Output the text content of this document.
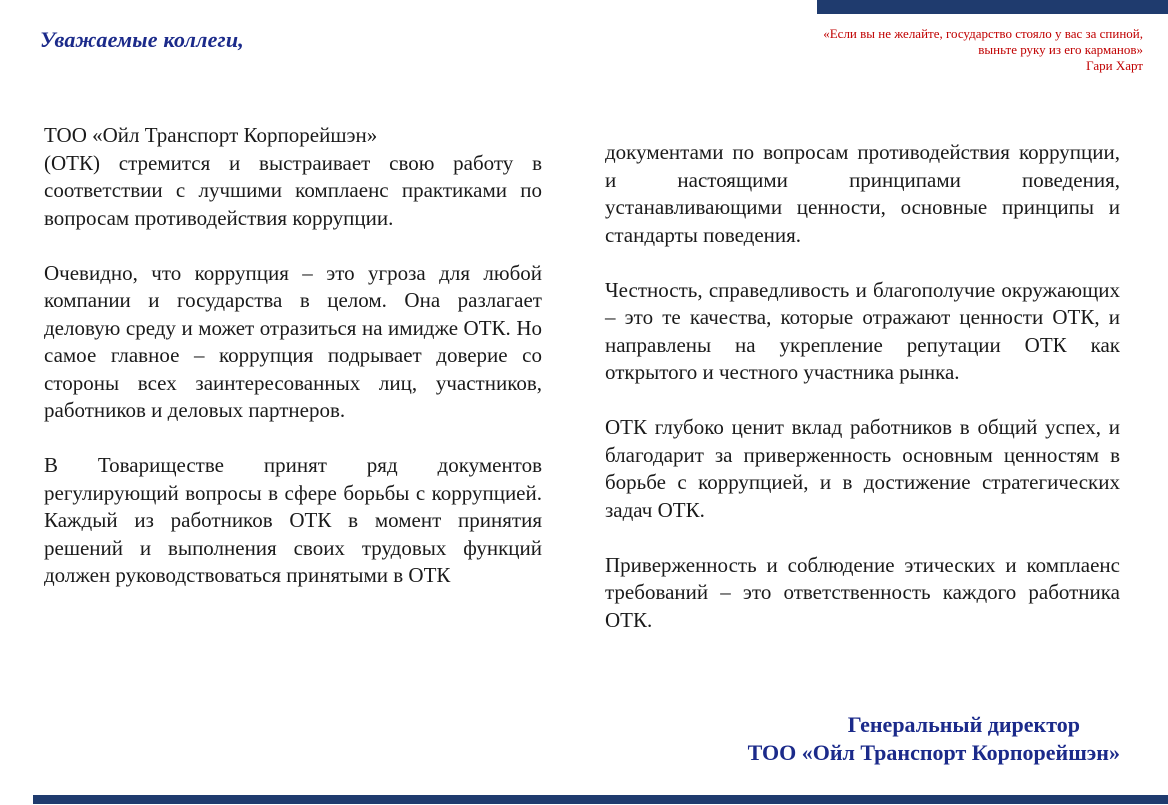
Уважаемые коллеги,	«Если вы не желайте, государство стояло у вас за спиной,
выньте руку из его карманов»
Гари Харт

ТОО «Ойл Транспорт Корпорейшэн»
(ОТК) стремится и выстраивает свою работу в соответствии с лучшими комплаенс практиками по вопросам противодействия коррупции.

Очевидно, что коррупция – это угроза для любой компании и государства в целом. Она разлагает деловую среду и может отразиться на имидже ОТК. Но самое главное – коррупция подрывает доверие со стороны всех заинтересованных лиц, участников, работников и деловых партнеров.

В Товариществе принят ряд документов регулирующий вопросы в сфере борьбы с коррупцией. Каждый из работников ОТК в момент принятия решений и выполнения своих трудовых функций должен руководствоваться принятыми в ОТК

документами по вопросам противодействия коррупции, и настоящими принципами поведения, устанавливающими ценности, основные принципы и стандарты поведения.

Честность, справедливость и благополучие окружающих – это те качества, которые отражают ценности ОТК, и направлены на укрепление репутации ОТК как открытого и честного участника рынка.

ОТК глубоко ценит вклад работников в общий успех, и благодарит за приверженность основным ценностям в борьбе с коррупцией, и в достижение стратегических задач ОТК.

Приверженность и соблюдение этических и комплаенс требований – это ответственность каждого работника ОТК.

Генеральный директор
ТОО «Ойл Транспорт Корпорейшэн»
